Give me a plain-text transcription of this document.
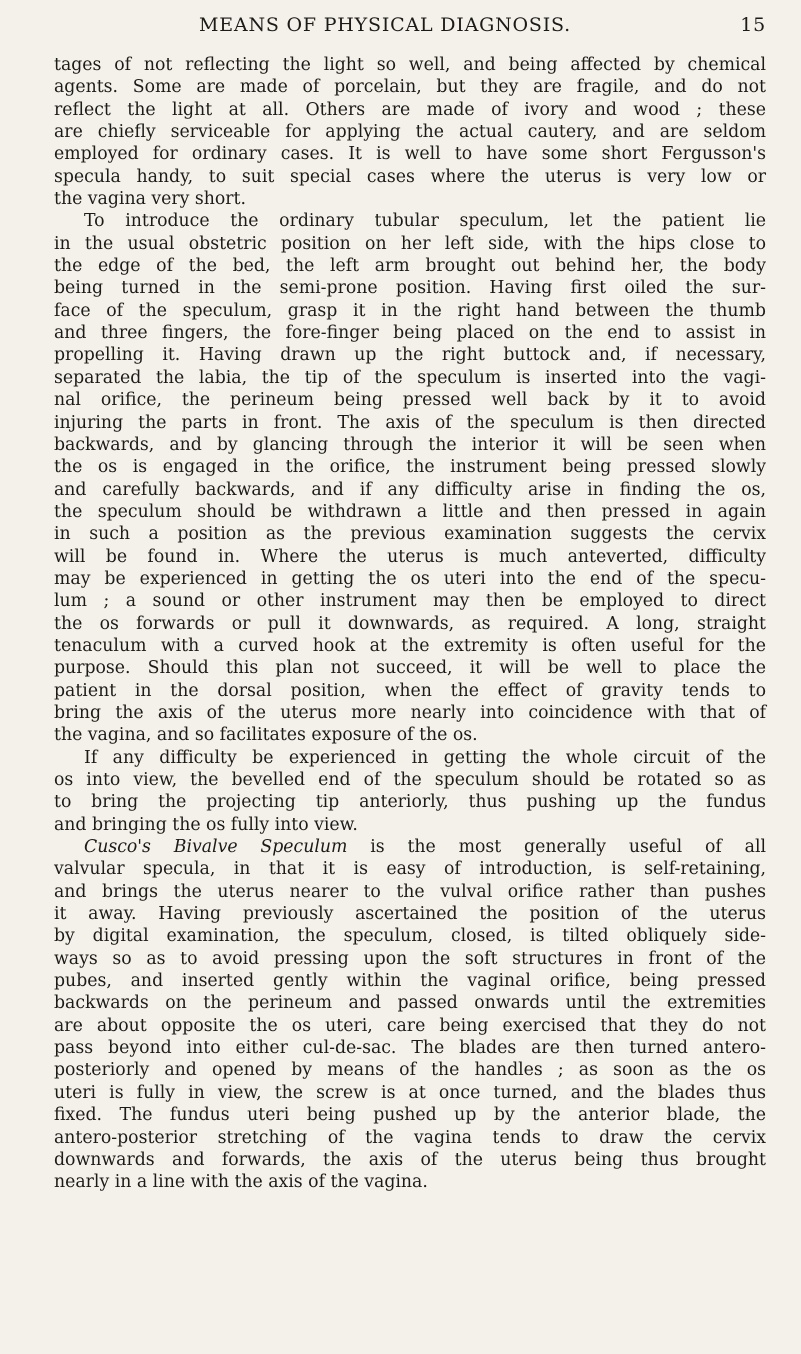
MEANS OF PHYSICAL DIAGNOSIS.	15

tages of not reflecting the light so well, and being affected by chemical

agents. Some are made of porcelain, but they are fragile, and do not

reflect the light at all. Others are made of ivory and wood ; these

are chiefly serviceable for applying the actual cautery, and are seldom

employed for ordinary cases. It is well to have some short Fergusson's

specula handy, to suit special cases where the uterus is very low or

the vagina very short.

To introduce the ordinary tubular speculum, let the patient lie

in the usual obstetric position on her left side, with the hips close to

the edge of the bed, the left arm brought out behind her, the body

being turned in the semi-prone position. Having first oiled the sur-

face of the speculum, grasp it in the right hand between the thumb

and three fingers, the fore-finger being placed on the end to assist in

propelling it. Having drawn up the right buttock and, if necessary,

separated the labia, the tip of the speculum is inserted into the vagi-

nal orifice, the perineum being pressed well back by it to avoid

injuring the parts in front. The axis of the speculum is then directed

backwards, and by glancing through the interior it will be seen when

the os is engaged in the orifice, the instrument being pressed slowly

and carefully backwards, and if any difficulty arise in finding the os,

the speculum should be withdrawn a little and then pressed in again

in such a position as the previous examination suggests the cervix

will be found in. Where the uterus is much anteverted, difficulty

may be experienced in getting the os uteri into the end of the specu-

lum ; a sound or other instrument may then be employed to direct

the os forwards or pull it downwards, as required. A long, straight

tenaculum with a curved hook at the extremity is often useful for the

purpose. Should this plan not succeed, it will be well to place the

patient in the dorsal position, when the effect of gravity tends to

bring the axis of the uterus more nearly into coincidence with that of

the vagina, and so facilitates exposure of the os.

If any difficulty be experienced in getting the whole circuit of the

os into view, the bevelled end of the speculum should be rotated so as

to bring the projecting tip anteriorly, thus pushing up the fundus

and bringing the os fully into view.

Cusco's Bivalve Speculum is the most generally useful of all

valvular specula, in that it is easy of introduction, is self-retaining,

and brings the uterus nearer to the vulval orifice rather than pushes

it away. Having previously ascertained the position of the uterus

by digital examination, the speculum, closed, is tilted obliquely side-

ways so as to avoid pressing upon the soft structures in front of the

pubes, and inserted gently within the vaginal orifice, being pressed

backwards on the perineum and passed onwards until the extremities

are about opposite the os uteri, care being exercised that they do not

pass beyond into either cul-de-sac. The blades are then turned antero-

posteriorly and opened by means of the handles ; as soon as the os

uteri is fully in view, the screw is at once turned, and the blades thus

fixed. The fundus uteri being pushed up by the anterior blade, the

antero-posterior stretching of the vagina tends to draw the cervix

downwards and forwards, the axis of the uterus being thus brought

nearly in a line with the axis of the vagina.
